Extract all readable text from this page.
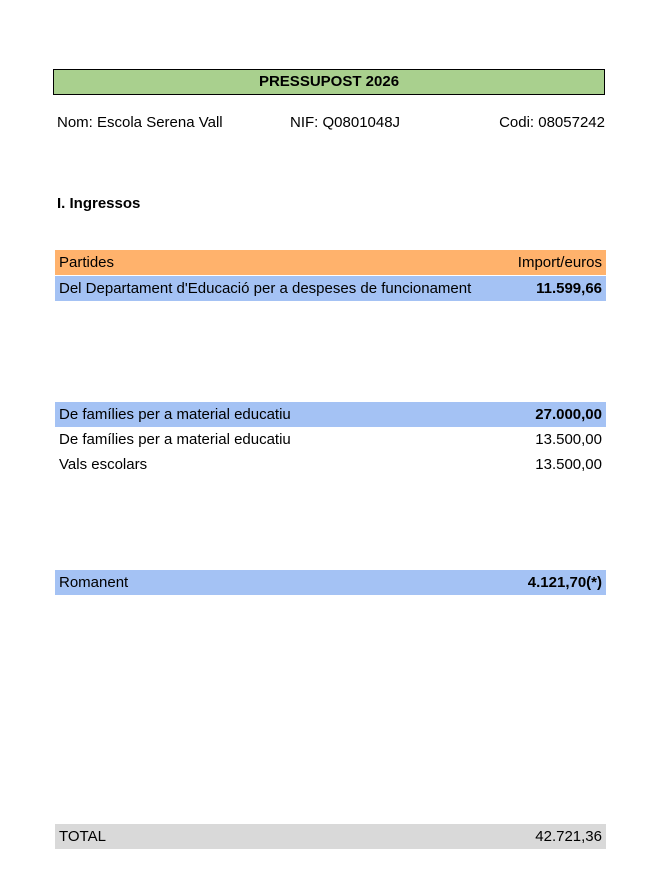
PRESSUPOST 2026
Nom: Escola Serena Vall	NIF: Q0801048J	Codi: 08057242
I. Ingressos
Partides	Import/euros
Del Departament d'Educació per a despeses de funcionament	11.599,66
De famílies per a material educatiu	27.000,00
De famílies per a material educatiu	13.500,00
Vals escolars	13.500,00
Romanent	4.121,70(*)
TOTAL	42.721,36
